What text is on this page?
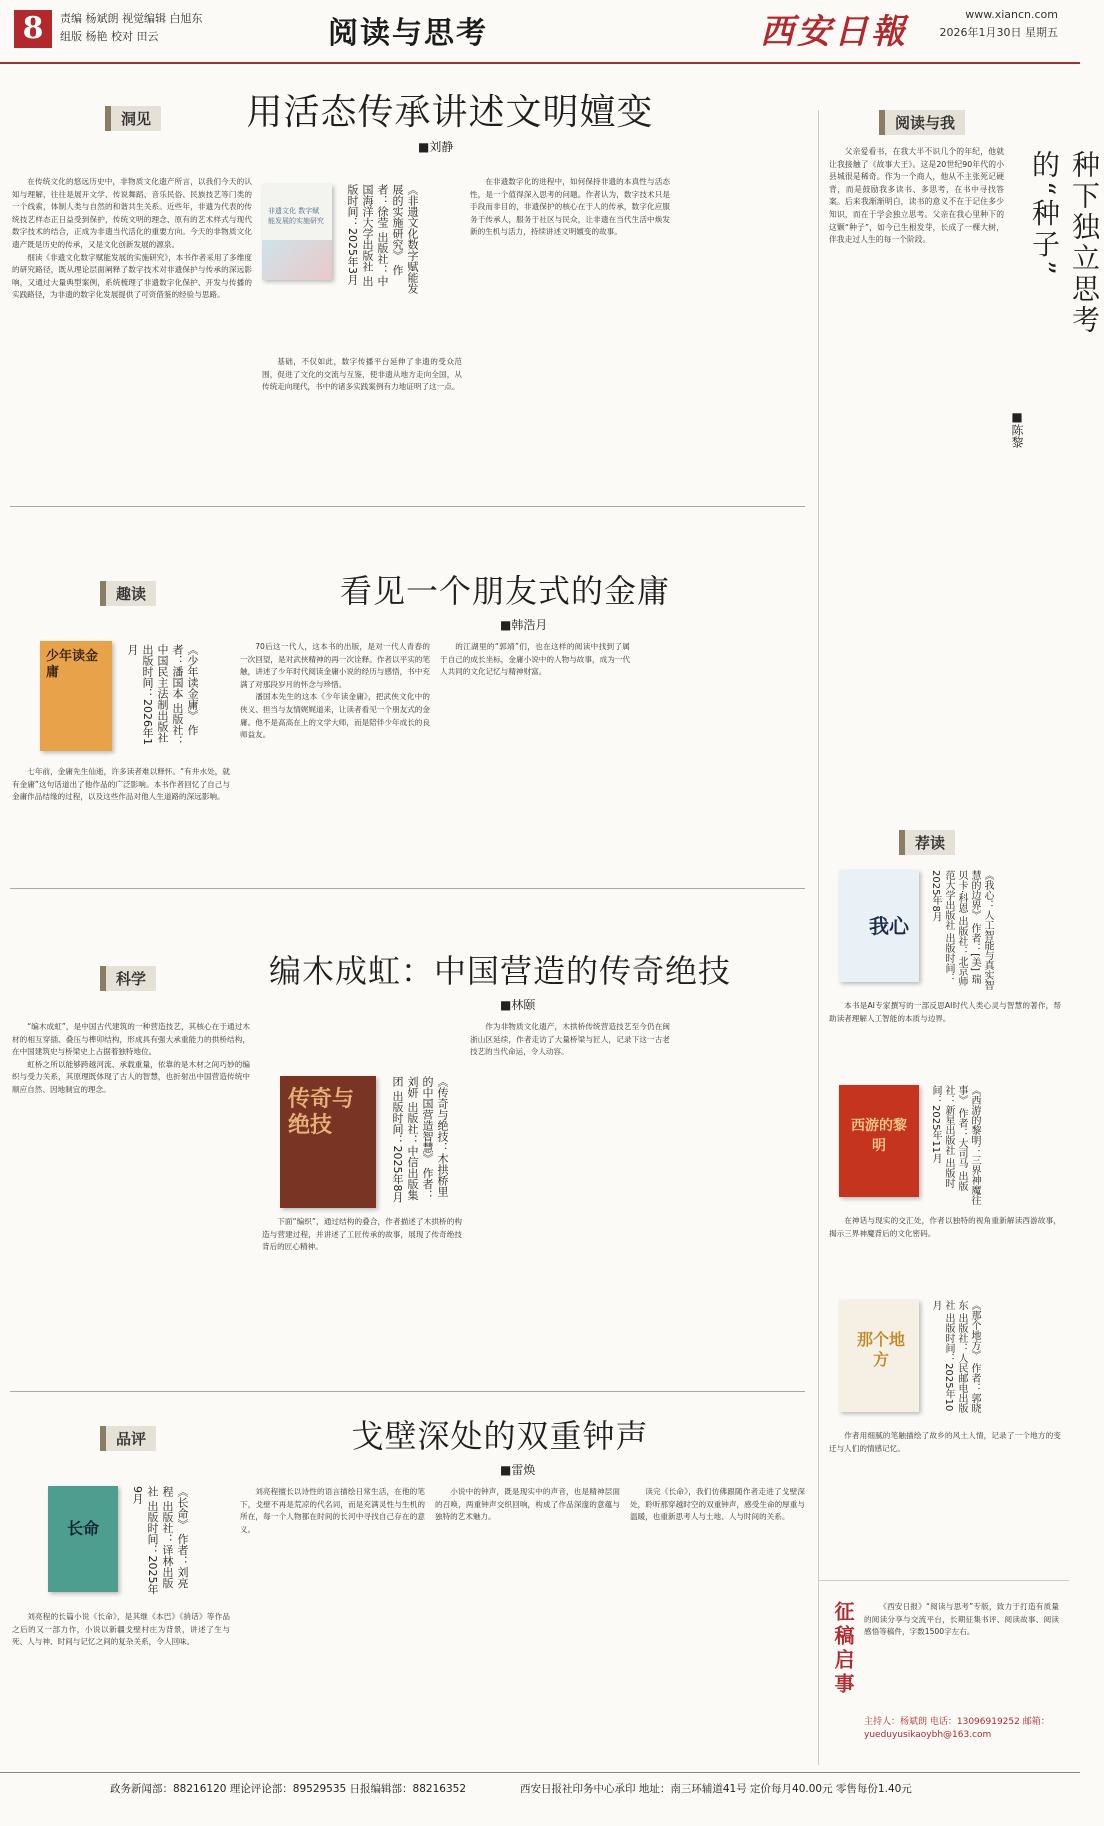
8	责编 杨斌朗 视觉编辑 白旭东
组版 杨艳 校对 田云	阅读与思考	西安日報	www.xiancn.com
2026年1月30日 星期五
洞见	用活态传承讲述文明嬗变
■刘静

在传统文化的悠远历史中，非物质文化遗产所言，以我们今天的认知与理解，往往是展开文学、传说舞蹈、音乐民俗、民族技艺等门类的一个线索，体制人类与自然的和谐共生关系。近些年，非遗为代表的传统技艺样态正日益受到保护，传统文明的理念、原有的艺术样式与现代数字技术的结合，正成为非遗当代活化的重要方向。今天的非物质文化遗产既是历史的传承，又是文化创新发展的源泉。

细读《非遗文化数字赋能发展的实施研究》，本书作者采用了多维度的研究路径，既从理论层面阐释了数字技术对非遗保护与传承的深远影响，又通过大量典型案例，系统梳理了非遗数字化保护、开发与传播的实践路径，为非遗的数字化发展提供了可资借鉴的经验与思路。

非遗文化 数字赋能发展的实施研究	《非遗文化数字赋能发展的实施研究》 作者：徐莹 出版社：中国海洋大学出版社 出版时间：2025年3月

基础，不仅如此，数字传播平台延伸了非遗的受众范围，促进了文化的交流与互鉴，使非遗从地方走向全国，从传统走向现代，书中的诸多实践案例有力地证明了这一点。

在非遗数字化的进程中，如何保持非遗的本真性与活态性，是一个值得深入思考的问题。作者认为，数字技术只是手段而非目的，非遗保护的核心在于人的传承，数字化应服务于传承人，服务于社区与民众，让非遗在当代生活中焕发新的生机与活力，持续讲述文明嬗变的故事。

趣读	看见一个朋友式的金庸
■韩浩月
少年读金庸	《少年读金庸》 作者：潘国本 出版社：中国民主法制出版社 出版时间：2026年1月

七年前，金庸先生仙逝，许多读者难以释怀。“有井水处，就有金庸”这句话道出了他作品的广泛影响。本书作者回忆了自己与金庸作品结缘的过程，以及这些作品对他人生道路的深远影响。

70后这一代人，这本书的出版，是对一代人青春的一次回望，是对武侠精神的再一次诠释。作者以平实的笔触，讲述了少年时代阅读金庸小说的经历与感悟，书中充满了对那段岁月的怀念与珍惜。

潘国本先生的这本《少年读金庸》，把武侠文化中的侠义、担当与友情娓娓道来，让读者看见一个朋友式的金庸。他不是高高在上的文学大师，而是陪伴少年成长的良师益友。

的江湖里的“郭靖”们，也在这样的阅读中找到了属于自己的成长坐标，金庸小说中的人物与故事，成为一代人共同的文化记忆与精神财富。

科学	编木成虹：中国营造的传奇绝技
■林颐

“编木成虹”，是中国古代建筑的一种营造技艺，其核心在于通过木材的相互穿插、叠压与榫卯结构，形成具有强大承重能力的拱桥结构，在中国建筑史与桥梁史上占据着独特地位。

虹桥之所以能够跨越河流、承载重量，依靠的是木材之间巧妙的编织与受力关系，其原理既体现了古人的智慧，也折射出中国营造传统中顺应自然、因地制宜的理念。	传奇与绝技	《传奇与绝技：木拱桥里的中国营造智慧》 作者：刘妍 出版社：中信出版集团 出版时间：2025年8月

下面“编织”，通过结构的叠合，作者描述了木拱桥的构造与营建过程，并讲述了工匠传承的故事，展现了传奇绝技背后的匠心精神。

作为非物质文化遗产，木拱桥传统营造技艺至今仍在闽浙山区延续，作者走访了大量桥梁与匠人，记录下这一古老技艺的当代命运，令人动容。

品评	戈壁深处的双重钟声
■雷焕
长命	《长命》 作者：刘亮程 出版社：译林出版社 出版时间：2025年9月

刘亮程的长篇小说《长命》，是其继《本巴》《捎话》等作品之后的又一部力作，小说以新疆戈壁村庄为背景，讲述了生与死、人与神、时间与记忆之间的复杂关系，令人回味。

刘亮程擅长以诗性的语言描绘日常生活，在他的笔下，戈壁不再是荒凉的代名词，而是充满灵性与生机的所在，每一个人物都在时间的长河中寻找自己存在的意义。

小说中的钟声，既是现实中的声音，也是精神层面的召唤，两重钟声交织回响，构成了作品深邃的意蕴与独特的艺术魅力。

读完《长命》，我们仿佛跟随作者走进了戈壁深处，聆听那穿越时空的双重钟声，感受生命的厚重与温暖，也重新思考人与土地、人与时间的关系。

阅读与我

父亲爱看书，在我大半不识几个的年纪，他就让我接触了《故事大王》。这是20世纪90年代的小县城很是稀奇。作为一个商人，他从不主张死记硬背，而是鼓励我多读书、多思考，在书中寻找答案。后来我渐渐明白，读书的意义不在于记住多少知识，而在于学会独立思考。父亲在我心里种下的这颗“种子”，如今已生根发芽，长成了一棵大树，伴我走过人生的每一个阶段。	种下独立思考的“种子”
■陈黎
荐读
我心	《我心：人工智能与真实智慧的边界》 作者：[美] 瑞贝卡·科恩 出版社：北京师范大学出版社 出版时间：2025年8月

本书是AI专家撰写的一部反思AI时代人类心灵与智慧的著作，帮助读者理解人工智能的本质与边界。

西游的黎明	《西游的黎明：三界神魔往事》 作者：大司马 出版社：新星出版社 出版时间：2025年11月

在神话与现实的交汇处，作者以独特的视角重新解读西游故事，揭示三界神魔背后的文化密码。

那个地方	《那个地方》 作者：郭晓东 出版社：人民邮电出版社 出版时间：2025年10月

作者用细腻的笔触描绘了故乡的风土人情，记录了一个地方的变迁与人们的情感记忆。

征稿启事	《西安日报》“阅读与思考”专版，致力于打造有质量的阅读分享与交流平台，长期征集书评、阅读故事、阅读感悟等稿件，字数1500字左右。

主持人：杨斌朗 电话：13096919252 邮箱：yueduyusikaoybh@163.com
政务新闻部：88216120 理论评论部：89529535 日报编辑部：88216352	西安日报社印务中心承印 地址：南三环辅道41号 定价每月40.00元 零售每份1.40元
